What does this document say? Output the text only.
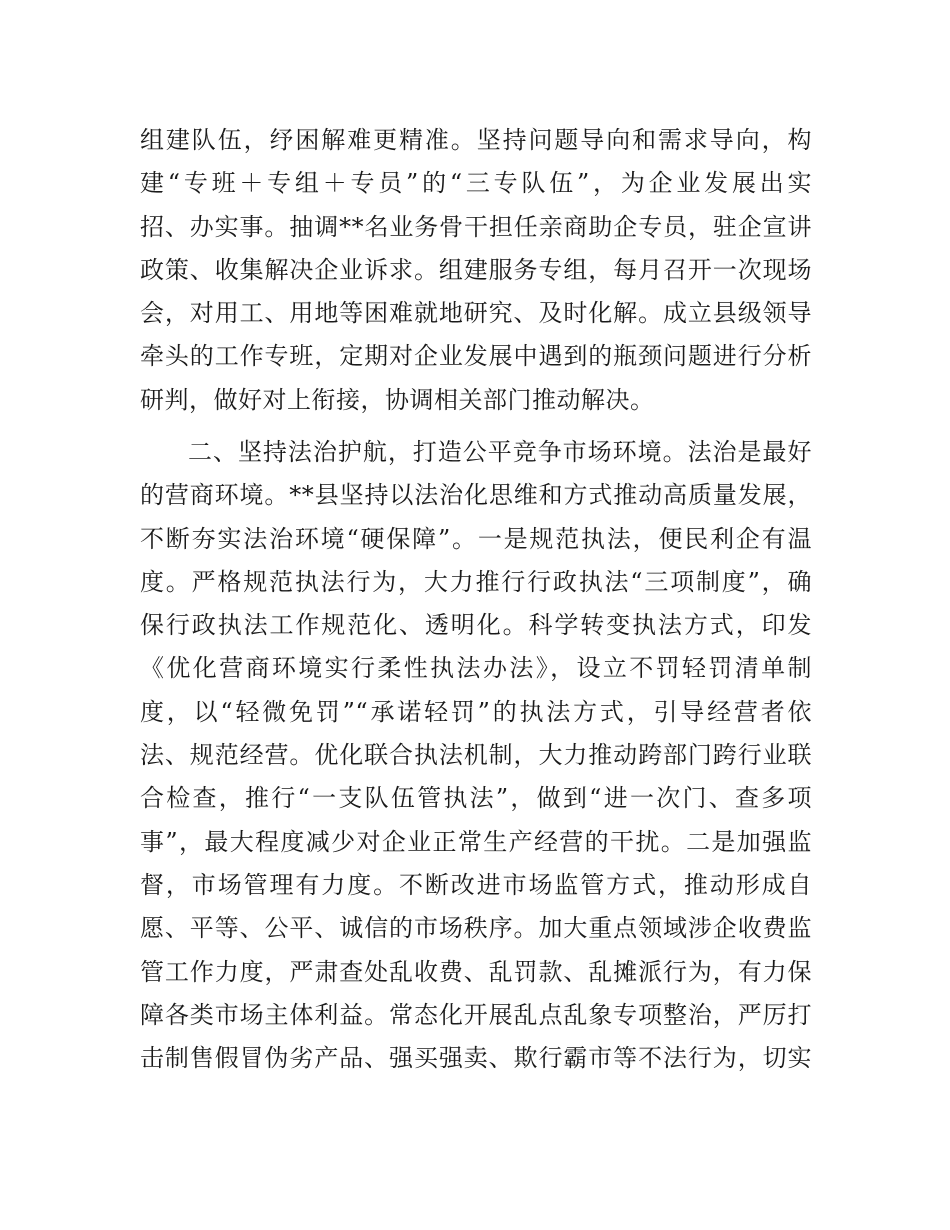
组建队伍，纾困解难更精准。坚持问题导向和需求导向，构
建“专班＋专组＋专员”的“三专队伍”，为企业发展出实
招、办实事。抽调**名业务骨干担任亲商助企专员，驻企宣讲
政策、收集解决企业诉求。组建服务专组，每月召开一次现场
会，对用工、用地等困难就地研究、及时化解。成立县级领导
牵头的工作专班，定期对企业发展中遇到的瓶颈问题进行分析
研判，做好对上衔接，协调相关部门推动解决。
二、坚持法治护航，打造公平竞争市场环境。法治是最好
的营商环境。**县坚持以法治化思维和方式推动高质量发展，
不断夯实法治环境“硬保障”。一是规范执法，便民利企有温
度。严格规范执法行为，大力推行行政执法“三项制度”，确
保行政执法工作规范化、透明化。科学转变执法方式，印发
《优化营商环境实行柔性执法办法》，设立不罚轻罚清单制
度，以“轻微免罚”“承诺轻罚”的执法方式，引导经营者依
法、规范经营。优化联合执法机制，大力推动跨部门跨行业联
合检查，推行“一支队伍管执法”，做到“进一次门、查多项
事”，最大程度减少对企业正常生产经营的干扰。二是加强监
督，市场管理有力度。不断改进市场监管方式，推动形成自
愿、平等、公平、诚信的市场秩序。加大重点领域涉企收费监
管工作力度，严肃查处乱收费、乱罚款、乱摊派行为，有力保
障各类市场主体利益。常态化开展乱点乱象专项整治，严厉打
击制售假冒伪劣产品、强买强卖、欺行霸市等不法行为，切实
